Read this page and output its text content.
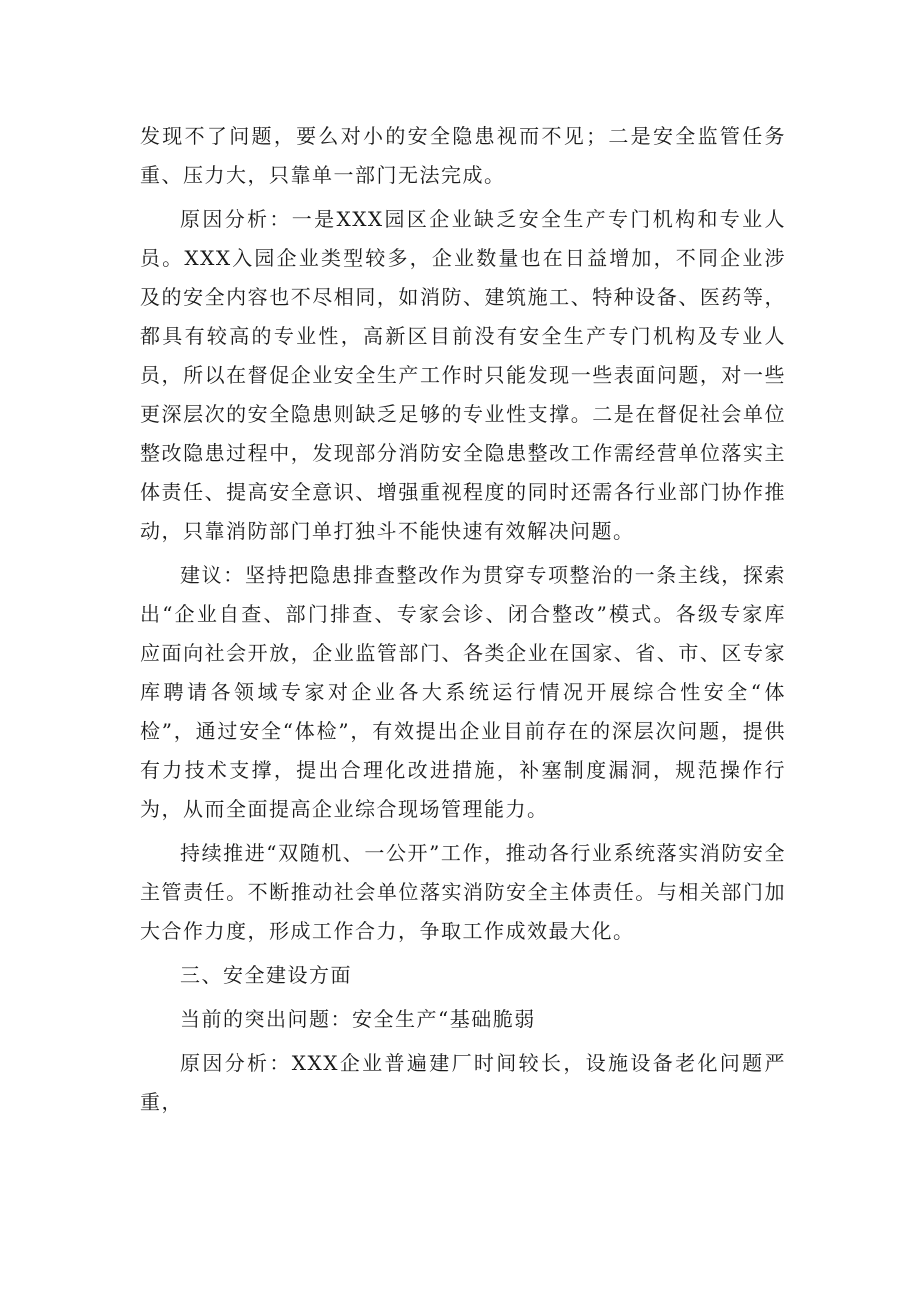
发现不了问题，要么对小的安全隐患视而不见；二是安全监管任务重、压力大，只靠单一部门无法完成。

原因分析：一是XXX园区企业缺乏安全生产专门机构和专业人员。XXX入园企业类型较多，企业数量也在日益增加，不同企业涉及的安全内容也不尽相同，如消防、建筑施工、特种设备、医药等，都具有较高的专业性，高新区目前没有安全生产专门机构及专业人员，所以在督促企业安全生产工作时只能发现一些表面问题，对一些更深层次的安全隐患则缺乏足够的专业性支撑。二是在督促社会单位整改隐患过程中，发现部分消防安全隐患整改工作需经营单位落实主体责任、提高安全意识、增强重视程度的同时还需各行业部门协作推动，只靠消防部门单打独斗不能快速有效解决问题。

建议：坚持把隐患排查整改作为贯穿专项整治的一条主线，探索出“企业自查、部门排查、专家会诊、闭合整改”模式。各级专家库应面向社会开放，企业监管部门、各类企业在国家、省、市、区专家库聘请各领域专家对企业各大系统运行情况开展综合性安全“体检”，通过安全“体检”，有效提出企业目前存在的深层次问题，提供有力技术支撑，提出合理化改进措施，补塞制度漏洞，规范操作行为，从而全面提高企业综合现场管理能力。

持续推进“双随机、一公开”工作，推动各行业系统落实消防安全主管责任。不断推动社会单位落实消防安全主体责任。与相关部门加大合作力度，形成工作合力，争取工作成效最大化。

三、安全建设方面

当前的突出问题：安全生产“基础脆弱

原因分析：XXX企业普遍建厂时间较长，设施设备老化问题严重，
